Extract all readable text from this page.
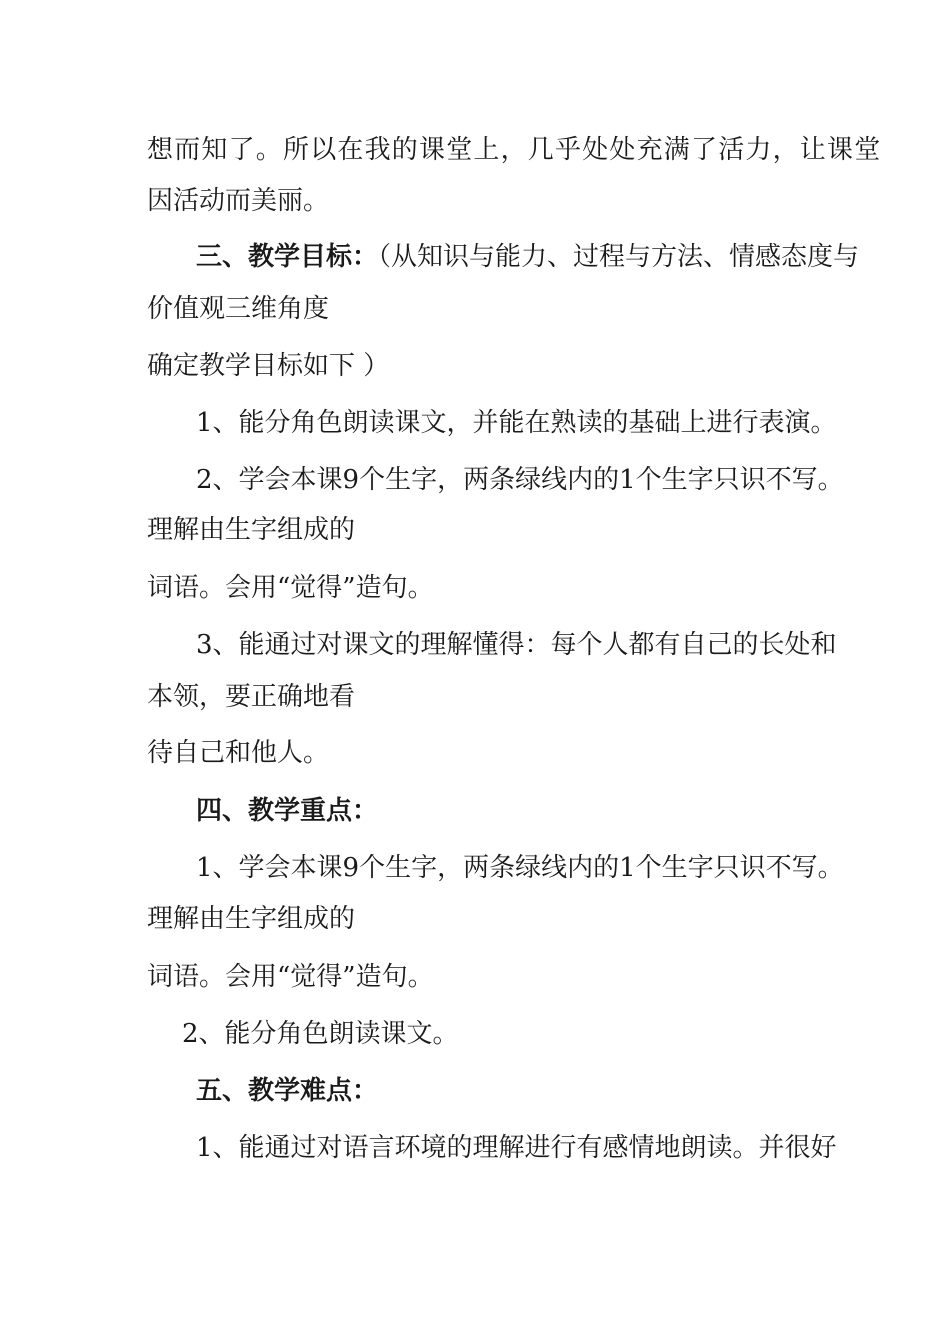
想而知了。所以在我的课堂上，几乎处处充满了活力，让课堂
因活动而美丽。
三、教学目标：（从知识与能力、过程与方法、情感态度与
价值观三维角度
确定教学目标如下 ）
1、能分角色朗读课文，并能在熟读的基础上进行表演。
2、学会本课9个生字，两条绿线内的1个生字只识不写。
理解由生字组成的
词语。会用“觉得”造句。
3、能通过对课文的理解懂得：每个人都有自己的长处和
本领，要正确地看
待自己和他人。
四、教学重点：
1、学会本课9个生字，两条绿线内的1个生字只识不写。
理解由生字组成的
词语。会用“觉得”造句。
2、能分角色朗读课文。
五、教学难点：
1、能通过对语言环境的理解进行有感情地朗读。并很好
